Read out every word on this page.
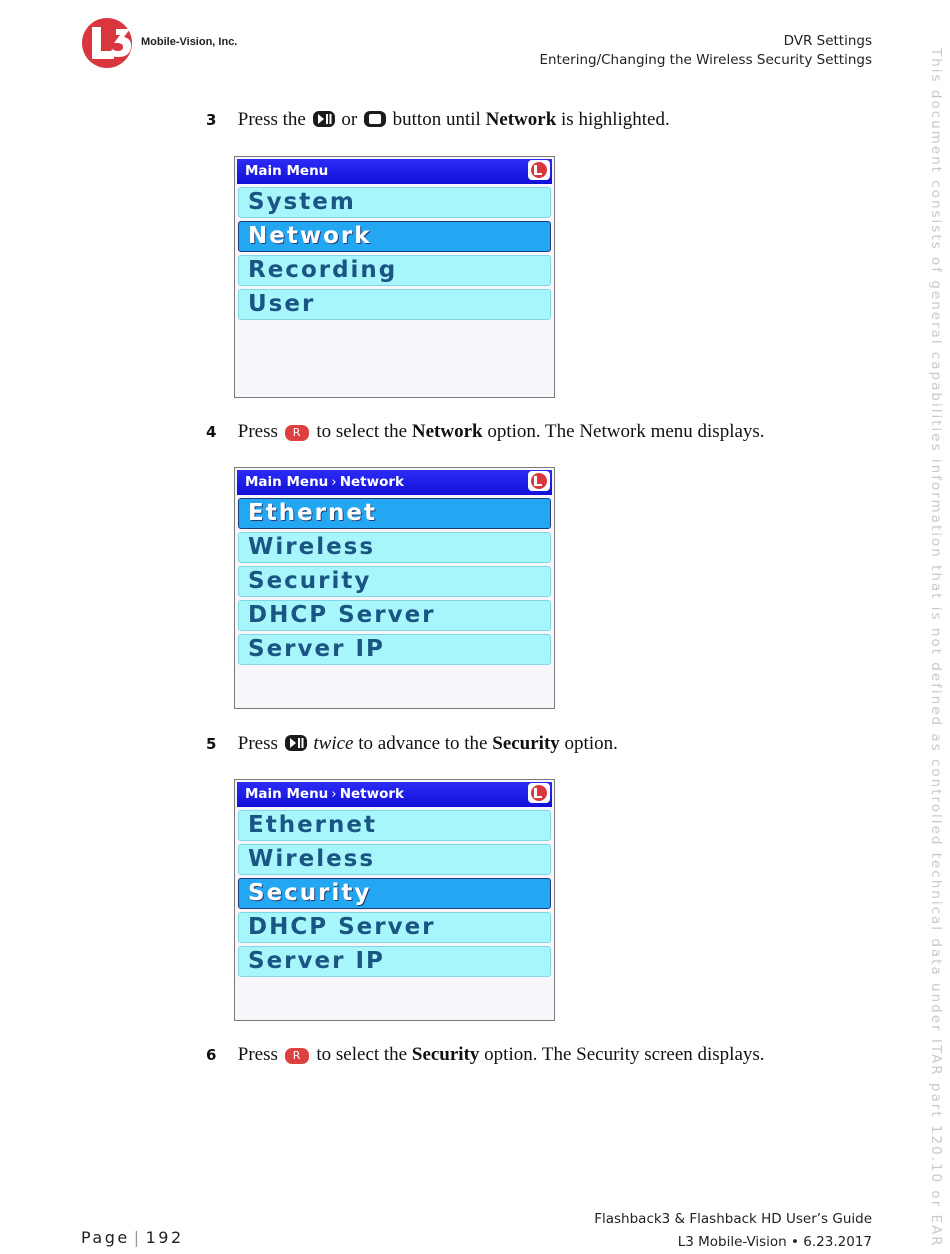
Mobile-Vision, Inc.	DVR Settings
Entering/Changing the Wireless Security Settings	This document consists of general capabilities information that is not defined as controlled technical data under ITAR part 120.10 or EAR
3 Press the or button until Network is highlighted.
Main Menu
System
Network
Recording
User
4 Press R to select the Network option. The Network menu displays.
Main Menu › Network
Ethernet
Wireless
Security
DHCP Server
Server IP
5 Press twice to advance to the Security option.
Main Menu › Network
Ethernet
Wireless
Security
DHCP Server
Server IP
6 Press R to select the Security option. The Security screen displays.
Page | 192
Flashback3 & Flashback HD User’s Guide
L3 Mobile-Vision • 6.23.2017
